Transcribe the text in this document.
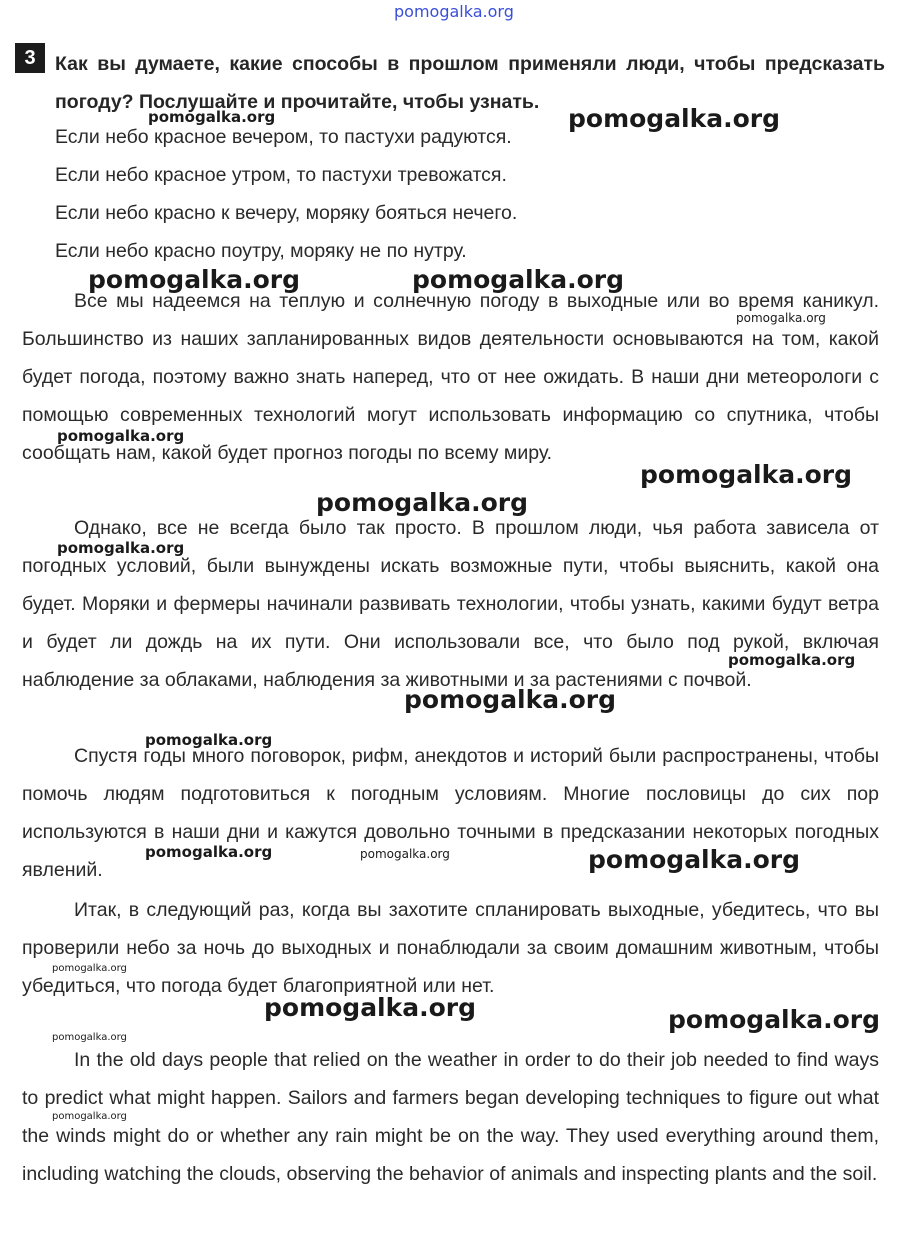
pomogalka.org
3 Как вы думаете, какие способы в прошлом применяли люди, чтобы предсказать погоду? Послушайте и прочитайте, чтобы узнать.

Если небо красное вечером, то пастухи радуются.
Если небо красное утром, то пастухи тревожатся.
Если небо красно к вечеру, моряку бояться нечего.
Если небо красно поутру, моряку не по нутру.

Все мы надеемся на теплую и солнечную погоду в выходные или во время каникул. Большинство из наших запланированных видов деятельности основываются на том, какой будет погода, поэтому важно знать наперед, что от нее ожидать. В наши дни метеорологи с помощью современных технологий могут использовать информацию со спутника, чтобы сообщать нам, какой будет прогноз погоды по всему миру.

Однако, все не всегда было так просто. В прошлом люди, чья работа зависела от погодных условий, были вынуждены искать возможные пути, чтобы выяснить, какой она будет. Моряки и фермеры начинали развивать технологии, чтобы узнать, какими будут ветра и будет ли дождь на их пути. Они использовали все, что было под рукой, включая наблюдение за облаками, наблюдения за животными и за растениями с почвой.

Спустя годы много поговорок, рифм, анекдотов и историй были распространены, чтобы помочь людям подготовиться к погодным условиям. Многие пословицы до сих пор используются в наши дни и кажутся довольно точными в предсказании некоторых погодных явлений.

Итак, в следующий раз, когда вы захотите спланировать выходные, убедитесь, что вы проверили небо за ночь до выходных и понаблюдали за своим домашним животным, чтобы убедиться, что погода будет благоприятной или нет.

In the old days people that relied on the weather in order to do their job needed to find ways to predict what might happen. Sailors and farmers began developing techniques to figure out what the winds might do or whether any rain might be on the way. They used everything around them, including watching the clouds, observing the behavior of animals and inspecting plants and the soil.

pomogalka.org	pomogalka.org
pomogalka.org	pomogalka.org
pomogalka.org
pomogalka.org
pomogalka.org
pomogalka.org
pomogalka.org
pomogalka.org
pomogalka.org
pomogalka.org
pomogalka.org	pomogalka.org	pomogalka.org
pomogalka.org
pomogalka.org	pomogalka.org
pomogalka.org
pomogalka.org
